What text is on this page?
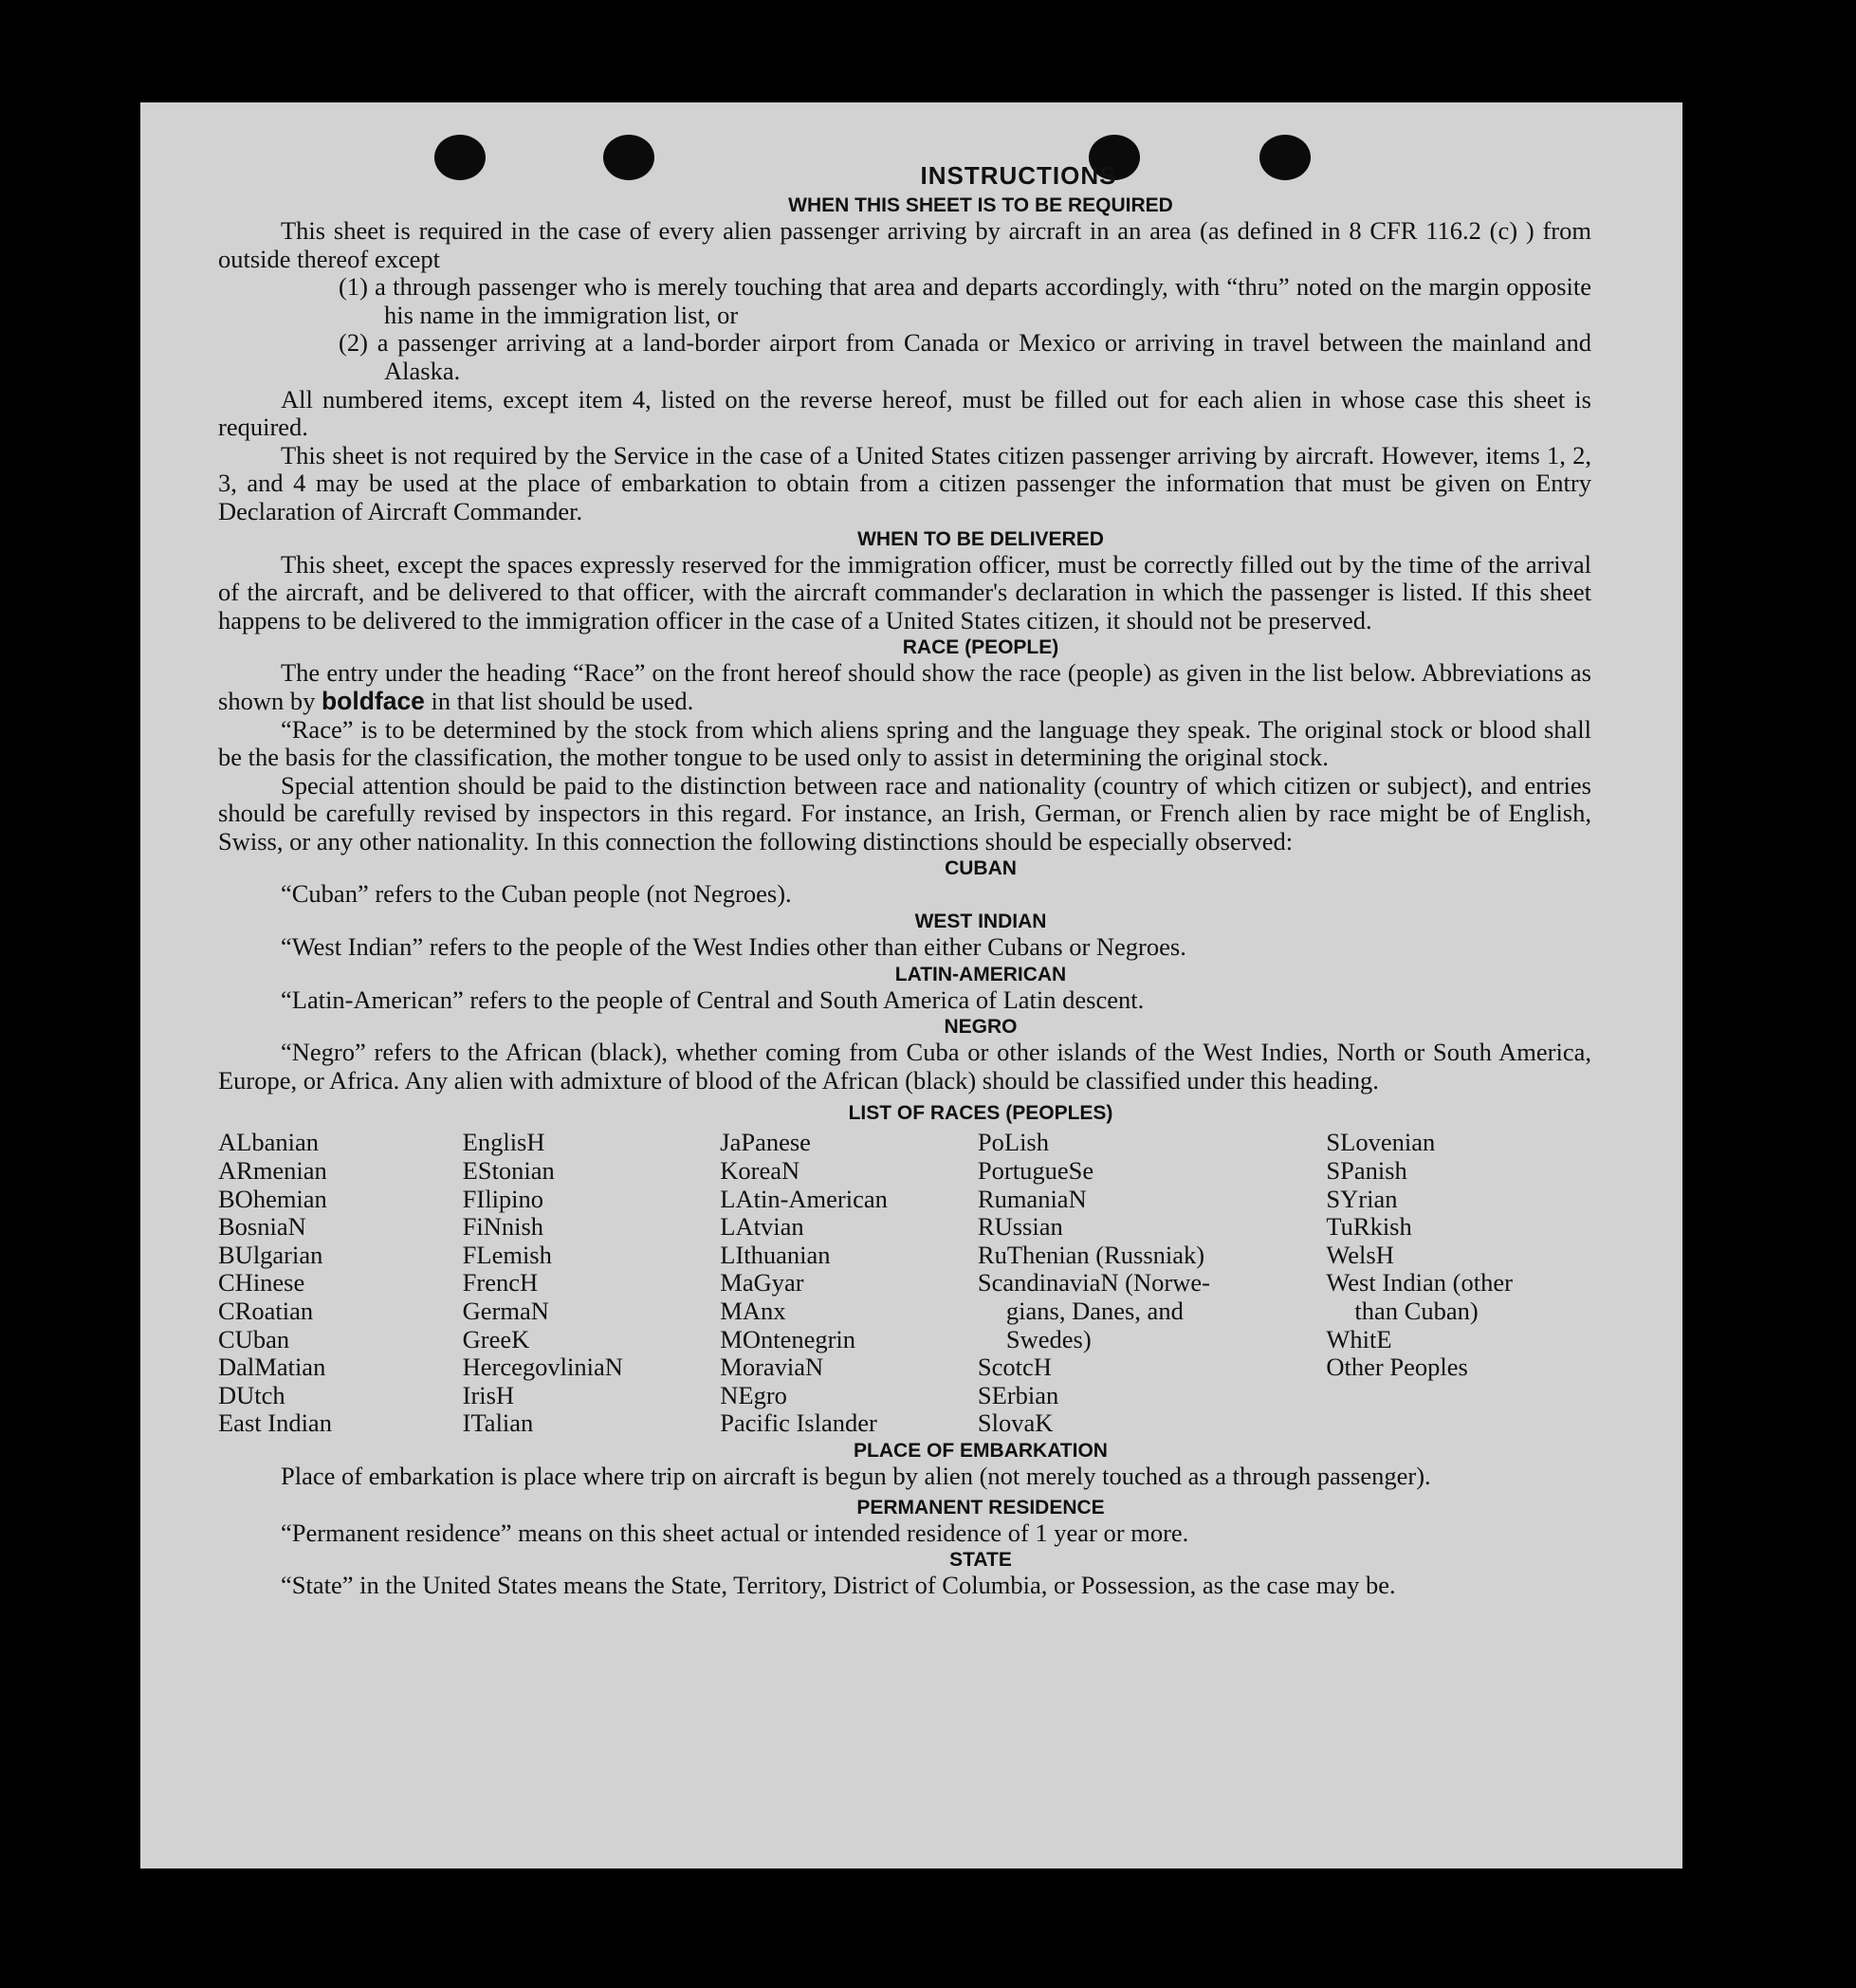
INSTRUCTIONS
WHEN THIS SHEET IS TO BE REQUIRED

This sheet is required in the case of every alien passenger arriving by aircraft in an area (as defined in 8 CFR 116.2 (c) ) from outside thereof except

(1) a through passenger who is merely touching that area and departs accordingly, with “thru” noted on the margin opposite his name in the immigration list, or

(2) a passenger arriving at a land-border airport from Canada or Mexico or arriving in travel between the mainland and Alaska.

All numbered items, except item 4, listed on the reverse hereof, must be filled out for each alien in whose case this sheet is required.

This sheet is not required by the Service in the case of a United States citizen passenger arriving by aircraft. However, items 1, 2, 3, and 4 may be used at the place of embarkation to obtain from a citizen passenger the information that must be given on Entry Declaration of Aircraft Commander.

WHEN TO BE DELIVERED

This sheet, except the spaces expressly reserved for the immigration officer, must be correctly filled out by the time of the arrival of the aircraft, and be delivered to that officer, with the aircraft commander's declaration in which the passenger is listed. If this sheet happens to be delivered to the immigration officer in the case of a United States citizen, it should not be preserved.

RACE (PEOPLE)

The entry under the heading “Race” on the front hereof should show the race (people) as given in the list below. Abbreviations as shown by boldface in that list should be used.

“Race” is to be determined by the stock from which aliens spring and the language they speak. The original stock or blood shall be the basis for the classification, the mother tongue to be used only to assist in determining the original stock.

Special attention should be paid to the distinction between race and nationality (country of which citizen or subject), and entries should be carefully revised by inspectors in this regard. For instance, an Irish, German, or French alien by race might be of English, Swiss, or any other nationality. In this connection the following distinctions should be especially observed:

CUBAN

“Cuban” refers to the Cuban people (not Negroes).

WEST INDIAN

“West Indian” refers to the people of the West Indies other than either Cubans or Negroes.

LATIN-AMERICAN

“Latin-American” refers to the people of Central and South America of Latin descent.

NEGRO

“Negro” refers to the African (black), whether coming from Cuba or other islands of the West Indies, North or South America, Europe, or Africa. Any alien with admixture of blood of the African (black) should be classified under this heading.

LIST OF RACES (PEOPLES)
ALbanian
ARmenian
BOhemian
BosniaN
BUlgarian
CHinese
CRoatian
CUban
DalMatian
DUtch
East Indian
EnglisH
EStonian
FIlipino
FiNnish
FLemish
FrencH
GermaN
GreeK
HercegovliniaN
IrisH
ITalian
JaPanese
KoreaN
LAtin-American
LAtvian
LIthuanian
MaGyar
MAnx
MOntenegrin
MoraviaN
NEgro
Pacific Islander
PoLish
PortugueSe
RumaniaN
RUssian
RuThenian (Russniak)
ScandinaviaN (Norwe-
gians, Danes, and
Swedes)
ScotcH
SErbian
SlovaK
SLovenian
SPanish
SYrian
TuRkish
WelsH
West Indian (other
than Cuban)
WhitE
Other Peoples
PLACE OF EMBARKATION

Place of embarkation is place where trip on aircraft is begun by alien (not merely touched as a through passenger).

PERMANENT RESIDENCE

“Permanent residence” means on this sheet actual or intended residence of 1 year or more.

STATE

“State” in the United States means the State, Territory, District of Columbia, or Possession, as the case may be.
